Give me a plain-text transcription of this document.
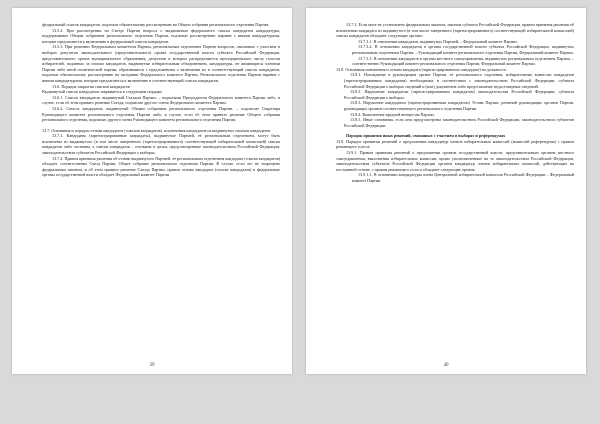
федеральный список кандидатов, подлежат обязательному рассмотрению на Общем собрании регионального отделения Партии.

13.5.2. При рассмотрении на Съезде Партии вопроса о выдвижении федерального списка кандидатов кандидатуры, поддержанные Общим собранием регионального отделения Партии, подлежат рассмотрению наравне с иными кандидатурами, которые предлагаются к включению в федеральный список кандидатов.

13.5.3. При решении Федеральным комитетом Партии, региональным отделением Партии вопросов, связанных с участием в выборах депутатов законодательного (представительного) органа государственной власти субъекта Российской Федерации, представительного органа муниципального образования, депутатов в которых распределяются пропорционально числу голосов избирателей, поданных за списки кандидатов, выдвинутые избирательным объединением, кандидатуры, не являющиеся членами Партии либо иной политической партии, обратившиеся с предложением о включении их в соответствующий список кандидатов, подлежат обязательному рассмотрению на заседании Федерального комитета Партии, Регионального отделения Партии наравне с иными кандидатурами, которые предлагаются к включению в соответствующий список кандидатов.

13.6. Порядок закрытия списков кандидатов

Выдвинутый список кандидатов закрывается в следующем порядке:

13.6.1. Список кандидатов, выдвинутый Съездом Партии, – подписями Председателя Федерального комитета Партии либо, в случае, если об этом принято решение Съезда, подписью другого члена Федерального комитета Партии.

13.6.2. Список кандидатов, выдвинутый Общим собранием регионального отделения Партии, – подписью Секретаря Руководящего комитета регионального отделения Партии либо, в случае, если об этом принято решение Общего собрания регионального отделения, подписью другого члена Руководящего комитета регионального отделения Партии.

13.7. Основания и порядок отзыва кандидатов (списков кандидатов), исключения кандидатов из выдвинутых списков кандидатов

13.7.1. Кандидаты (зарегистрированные кандидаты), выдвинутые Партией, её региональным отделением, могут быть исключены из выдвинутого (в том числе заверенного (зарегистрированного) соответствующей избирательной комиссией) списка кандидатов либо отозваны, а списки кандидатов – отозваны в сроки, предусмотренные законодательством Российской Федерации, законодательством субъектов Российской Федерации о выборах.

13.7.2. Правом принятия решения об отзыве выдвинутого Партией, её региональным отделением кандидата (списка кандидатов) обладает соответственно Съезд Партии, Общее собрание регионального отделения Партии. В случае, если это не запрещено федеральным законом, и об этом принято решение Съезда Партии, правом отзыва кандидата (списка кандидатов) в федеральные органы государственной власти обладает Федеральный комитет Партии.

39

13.7.3. Если иное не установлено федеральным законом, законом субъекта Российской Федерации, правом принятия решения об исключении кандидата из выдвинутого (в том числе заверенного (зарегистрированного) соответствующей избирательной комиссией) списка кандидатов обладают следующие органы:

13.7.3.1. В отношении кандидатов, выдвинутых Партией, – Федеральный комитет Партии.

13.7.3.2. В отношении кандидатов в органы государственной власти субъекта Российской Федерации, выдвинутых региональным отделением Партии, – Руководящий комитет регионального отделения Партии, Федеральный комитет Партии.

13.7.3.3. В отношении кандидатов в органы местного самоуправления, выдвинутых региональным отделением Партии, – соответственно Руководящий комитет регионального отделения Партии, Федеральный комитет Партии.

13.8. Основания назначения и отзыва кандидата (зарегистрированного кандидата) на должность:

13.8.1. Нахождение в руководящем органе Партии, её регионального отделения, избирательные комиссии кандидатов (зарегистрированных кандидатов) необходимых в соответствии с законодательством Российской Федерации, субъекта Российской Федерации о выборах сведений и (или) документов либо представление недостоверных сведений.

13.8.2. Нарушение кандидатом (зарегистрированным кандидатом) законодательства Российской Федерации, субъекта Российской Федерации о выборах.

13.8.3. Нарушение кандидатом (зарегистрированным кандидатом) Устава Партии, решений руководящих органов Партии, руководящих органов соответствующего регионального отделения Партии.

13.8.4. Выполнение вредной интересам Партии.

13.8.5. Иные основания, если они предусмотрены законодательством Российской Федерации, законодательством субъектов Российской Федерации.

Порядок принятия иных решений, связанных с участием в выборах и референдумах

13.9. Порядок принятия решений о предложении кандидатур членов избирательных комиссий (комиссий референдума) с правом решающего голоса:

13.9.1. Правом принятия решений о предложении органов государственной власти, представительным органом местного самоуправления, выполнения избирательных комиссии, кроме уполномоченные на то законодательством Российской Федерации, законодательством субъектов Российской Федерации органов кандидатур членов избирательных комиссий, действующих на постоянной основе, с правом решающего голоса обладают следующие органы:

13.9.1.1. В отношении кандидатуры члена Центральной избирательной комиссии Российской Федерации – Федеральный комитет Партии.

40
